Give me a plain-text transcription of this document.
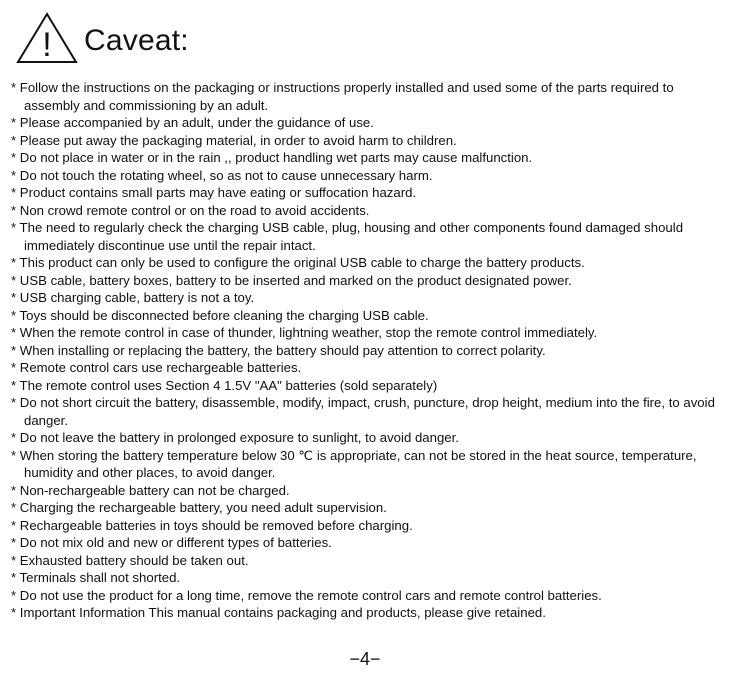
! Caveat:
* Follow the instructions on the packaging or instructions properly installed and used some of the parts required to assembly and commissioning by an adult.
* Please accompanied by an adult, under the guidance of use.
* Please put away the packaging material, in order to avoid harm to children.
* Do not place in water or in the rain ,, product handling wet parts may cause malfunction.
* Do not touch the rotating wheel, so as not to cause unnecessary harm.
* Product contains small parts may have eating or suffocation hazard.
* Non crowd remote control or on the road to avoid accidents.
* The need to regularly check the charging USB cable, plug, housing and other components found damaged should immediately discontinue use until the repair intact.
* This product can only be used to configure the original USB cable to charge the battery products.
* USB cable, battery boxes, battery to be inserted and marked on the product designated power.
* USB charging cable, battery is not a toy.
* Toys should be disconnected before cleaning the charging USB cable.
* When the remote control in case of thunder, lightning weather, stop the remote control immediately.
* When installing or replacing the battery, the battery should pay attention to correct polarity.
* Remote control cars use rechargeable batteries.
* The remote control uses Section 4 1.5V "AA" batteries (sold separately)
* Do not short circuit the battery, disassemble, modify, impact, crush, puncture, drop height, medium into the fire, to avoid danger.
* Do not leave the battery in prolonged exposure to sunlight, to avoid danger.
* When storing the battery temperature below 30 ℃ is appropriate, can not be stored in the heat source, temperature, humidity and other places, to avoid danger.
* Non-rechargeable battery can not be charged.
* Charging the rechargeable battery, you need adult supervision.
* Rechargeable batteries in toys should be removed before charging.
* Do not mix old and new or different types of batteries.
* Exhausted battery should be taken out.
* Terminals shall not shorted.
* Do not use the product for a long time, remove the remote control cars and remote control batteries.
* Important Information This manual contains packaging and products, please give retained.
−4−
